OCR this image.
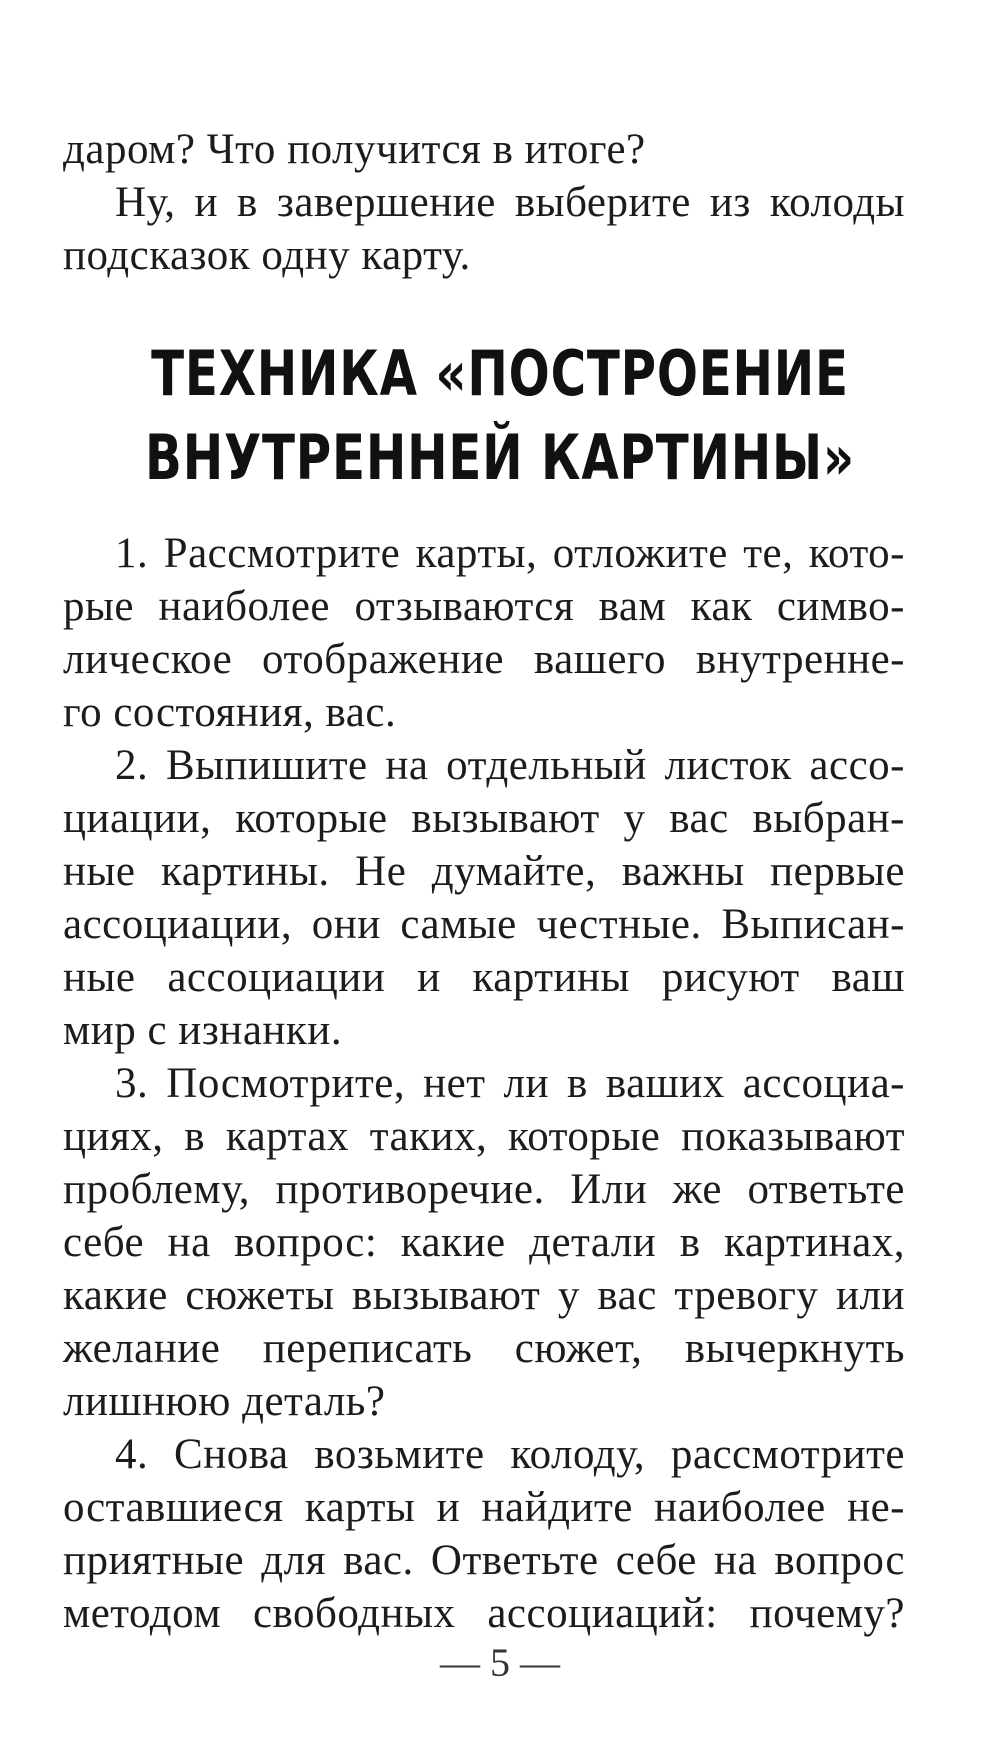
даром? Что получится в итоге?
Ну, и в завершение выберите из колоды
подсказок одну карту.
ТЕХНИКА «ПОСТРОЕНИЕ
ВНУТРЕННЕЙ КАРТИНЫ»
1. Рассмотрите карты, отложите те, кото-
рые наиболее отзываются вам как симво-
лическое отображение вашего внутренне-
го состояния, вас.
2. Выпишите на отдельный листок ассо-
циации, которые вызывают у вас выбран-
ные картины. Не думайте, важны первые
ассоциации, они самые честные. Выписан-
ные ассоциации и картины рисуют ваш
мир с изнанки.
3. Посмотрите, нет ли в ваших ассоциа-
циях, в картах таких, которые показывают
проблему, противоречие. Или же ответьте
себе на вопрос: какие детали в картинах,
какие сюжеты вызывают у вас тревогу или
желание переписать сюжет, вычеркнуть
лишнюю деталь?
4. Снова возьмите колоду, рассмотрите
оставшиеся карты и найдите наиболее не-
приятные для вас. Ответьте себе на вопрос
методом свободных ассоциаций: почему?
— 5 —
